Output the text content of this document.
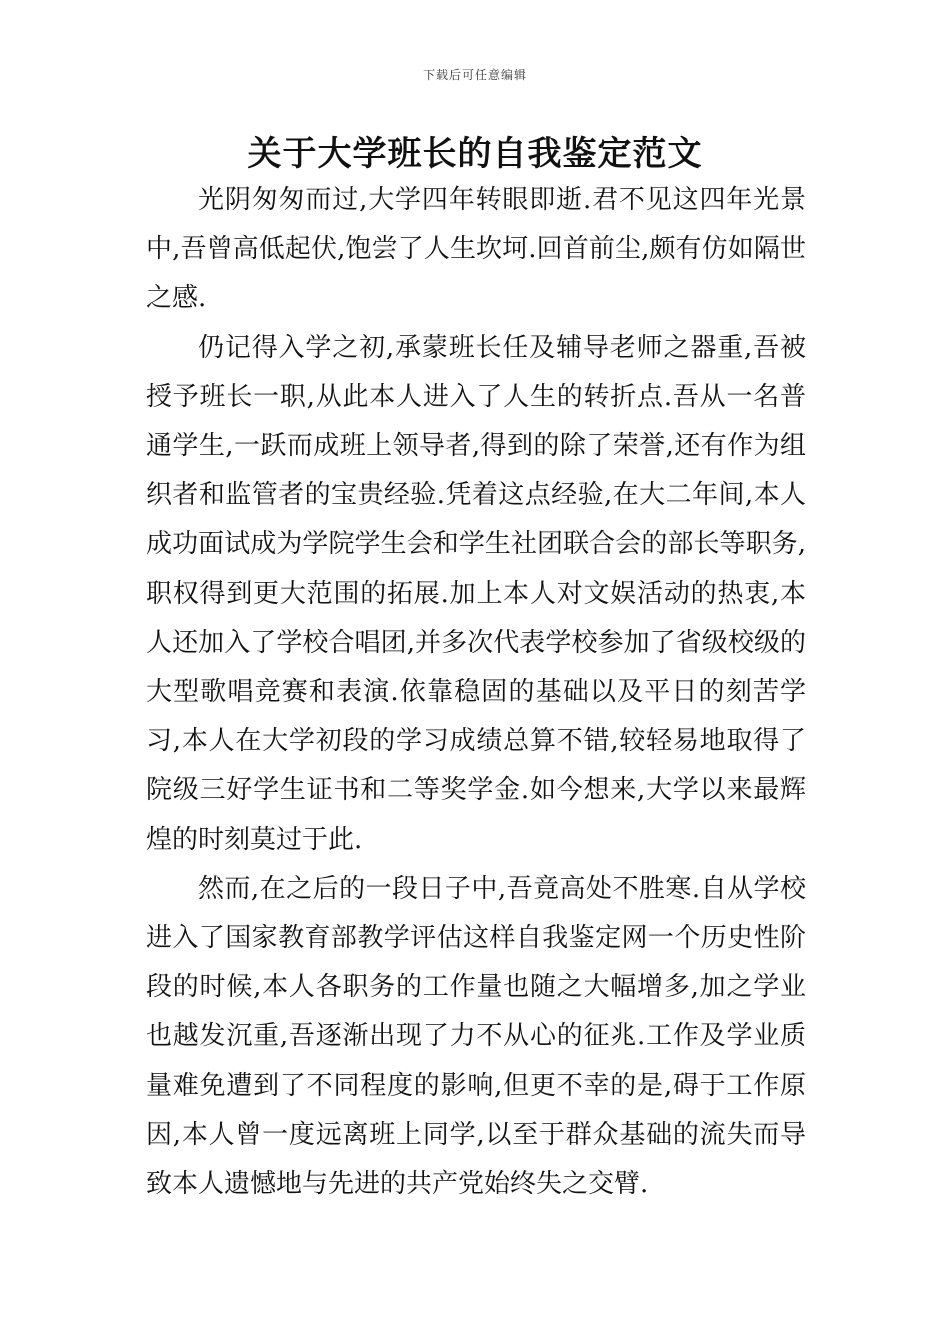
下载后可任意编辑
关于大学班长的自我鉴定范文

光阴匆匆而过,大学四年转眼即逝.君不见这四年光景中,吾曾高低起伏,饱尝了人生坎坷.回首前尘,颇有仿如隔世之感.

仍记得入学之初,承蒙班长任及辅导老师之器重,吾被授予班长一职,从此本人进入了人生的转折点.吾从一名普通学生,一跃而成班上领导者,得到的除了荣誉,还有作为组织者和监管者的宝贵经验.凭着这点经验,在大二年间,本人成功面试成为学院学生会和学生社团联合会的部长等职务,职权得到更大范围的拓展.加上本人对文娱活动的热衷,本人还加入了学校合唱团,并多次代表学校参加了省级校级的大型歌唱竞赛和表演.依靠稳固的基础以及平日的刻苦学习,本人在大学初段的学习成绩总算不错,较轻易地取得了院级三好学生证书和二等奖学金.如今想来,大学以来最辉煌的时刻莫过于此.

然而,在之后的一段日子中,吾竟高处不胜寒.自从学校进入了国家教育部教学评估这样自我鉴定网一个历史性阶段的时候,本人各职务的工作量也随之大幅增多,加之学业也越发沉重,吾逐渐出现了力不从心的征兆.工作及学业质量难免遭到了不同程度的影响,但更不幸的是,碍于工作原因,本人曾一度远离班上同学,以至于群众基础的流失而导致本人遗憾地与先进的共产党始终失之交臂.
